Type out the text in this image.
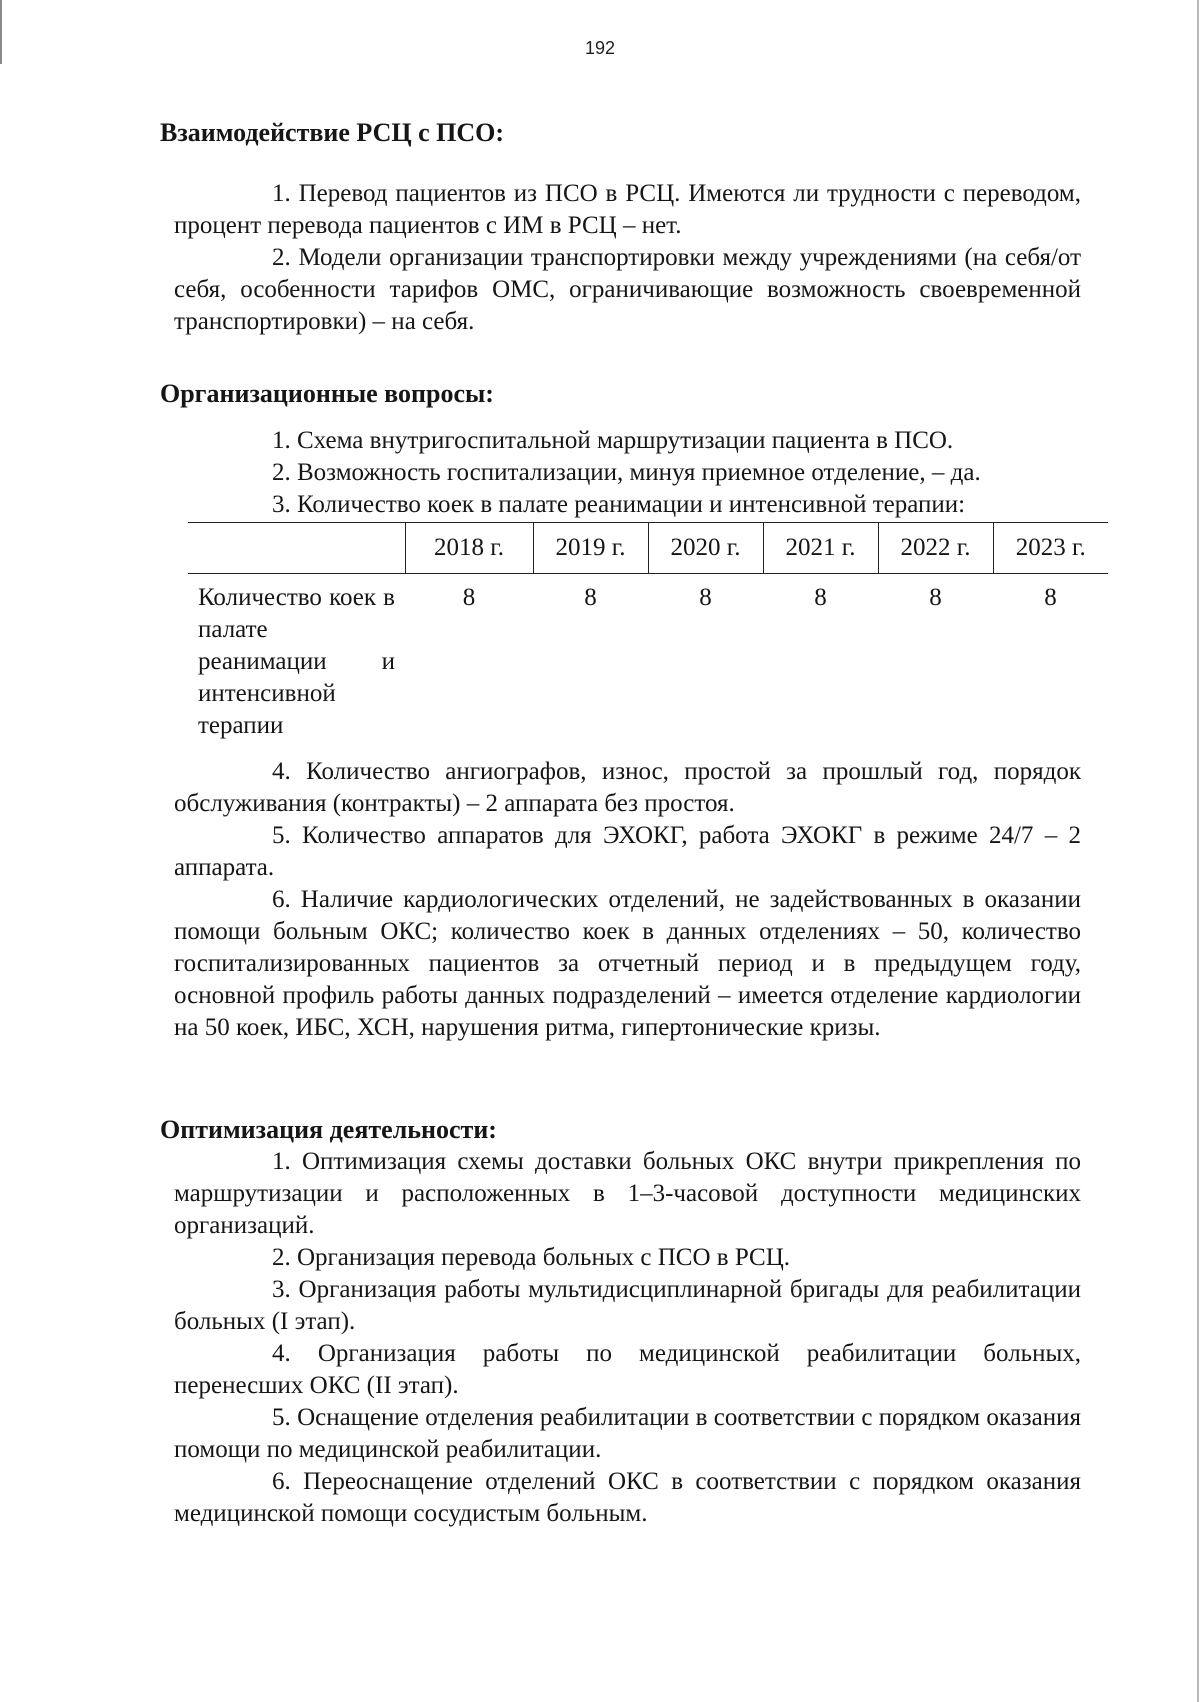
192
Взаимодействие РСЦ с ПСО:

1. Перевод пациентов из ПСО в РСЦ. Имеются ли трудности с переводом, процент перевода пациентов с ИМ в РСЦ – нет.

2. Модели организации транспортировки между учреждениями (на себя/от себя, особенности тарифов ОМС, ограничивающие возможность своевременной транспортировки) – на себя.

Организационные вопросы:

1. Схема внутригоспитальной маршрутизации пациента в ПСО.

2. Возможность госпитализации, минуя приемное отделение, – да.

3. Количество коек в палате реанимации и интенсивной терапии:

	2018 г.	2019 г.	2020 г.	2021 г.	2022 г.	2023 г.
Количество коек в палате реанимации и интенсивной терапии	8	8	8	8	8	8

4. Количество ангиографов, износ, простой за прошлый год, порядок обслуживания (контракты) – 2 аппарата без простоя.

5. Количество аппаратов для ЭХОКГ, работа ЭХОКГ в режиме 24/7 – 2 аппарата.

6. Наличие кардиологических отделений, не задействованных в оказании помощи больным ОКС; количество коек в данных отделениях – 50, количество госпитализированных пациентов за отчетный период и в предыдущем году, основной профиль работы данных подразделений – имеется отделение кардиологии на 50 коек, ИБС, ХСН, нарушения ритма, гипертонические кризы.

Оптимизация деятельности:

1. Оптимизация схемы доставки больных ОКС внутри прикрепления по маршрутизации и расположенных в 1–3-часовой доступности медицинских организаций.

2. Организация перевода больных с ПСО в РСЦ.

3. Организация работы мультидисциплинарной бригады для реабилитации больных (I этап).

4. Организация работы по медицинской реабилитации больных, перенесших ОКС (II этап).

5. Оснащение отделения реабилитации в соответствии с порядком оказания помощи по медицинской реабилитации.

6. Переоснащение отделений ОКС в соответствии с порядком оказания медицинской помощи сосудистым больным.
